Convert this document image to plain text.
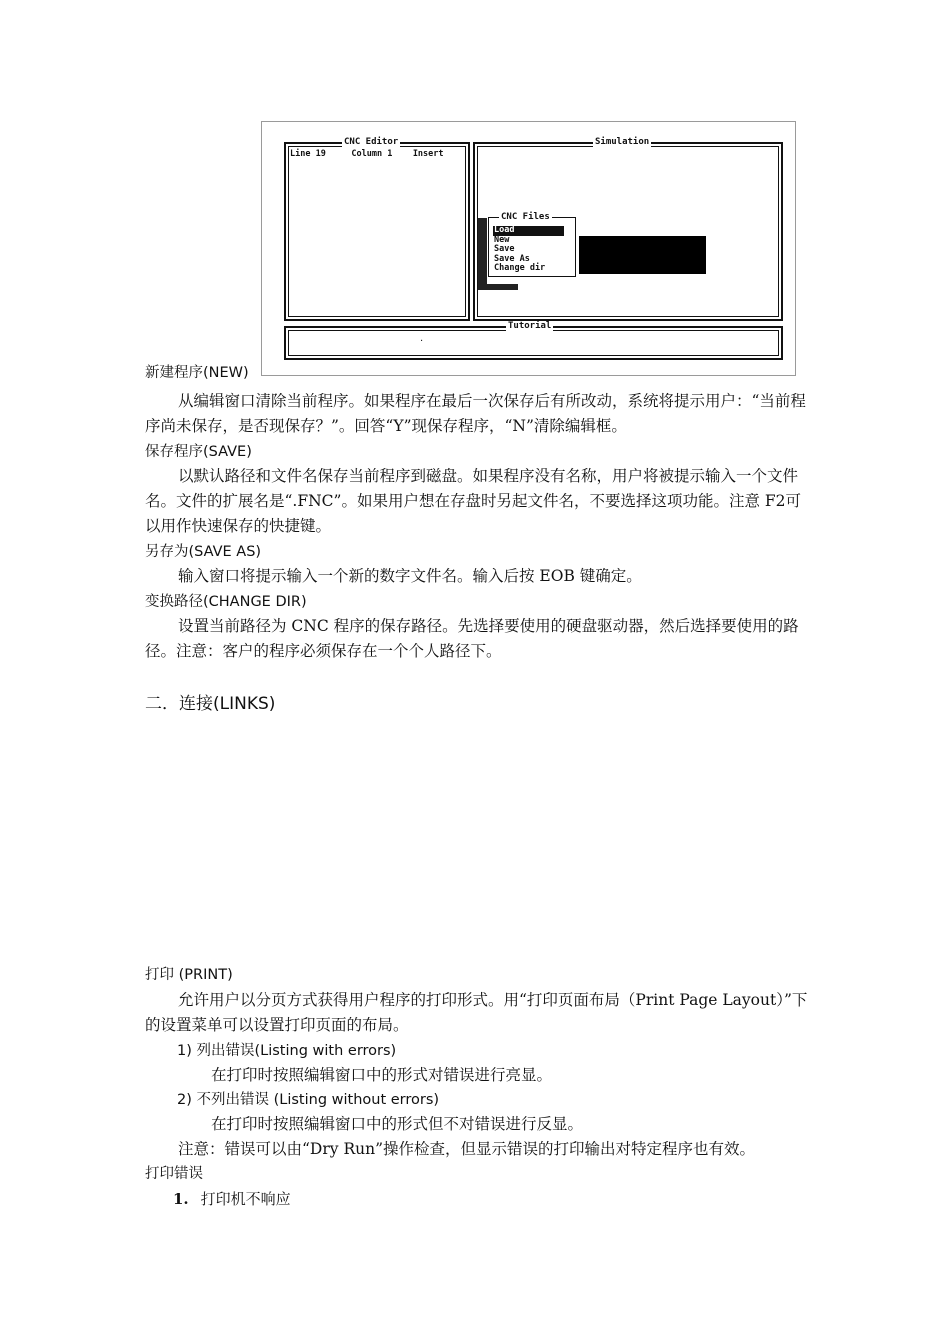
CNC Editor
Line 19     Column 1    Insert
Simulation
CNC Files
Load
New
Save
Save As
Change dir
Tutorial
·
新建程序(NEW)
从编辑窗口清除当前程序。如果程序在最后一次保存后有所改动，系统将提示用户：“当前程序尚未保存，是否现保存？”。回答“Y”现保存程序，“N”清除编辑框。
保存程序(SAVE)
以默认路径和文件名保存当前程序到磁盘。如果程序没有名称，用户将被提示输入一个文件名。文件的扩展名是“.FNC”。如果用户想在存盘时另起文件名，不要选择这项功能。注意 F2可以用作快速保存的快捷键。
另存为(SAVE AS)
输入窗口将提示输入一个新的数字文件名。输入后按 EOB 键确定。
变换路径(CHANGE DIR)
设置当前路径为 CNC 程序的保存路径。先选择要使用的硬盘驱动器，然后选择要使用的路径。注意：客户的程序必须保存在一个个人路径下。
二．连接(LINKS)
打印 (PRINT)
允许用户以分页方式获得用户程序的打印形式。用“打印页面布局（Print Page Layout）”下的设置菜单可以设置打印页面的布局。
1) 列出错误(Listing with errors)
在打印时按照编辑窗口中的形式对错误进行亮显。
2) 不列出错误 (Listing without errors)
在打印时按照编辑窗口中的形式但不对错误进行反显。
注意：错误可以由“Dry Run”操作检查，但显示错误的打印输出对特定程序也有效。
打印错误
1. 打印机不响应
